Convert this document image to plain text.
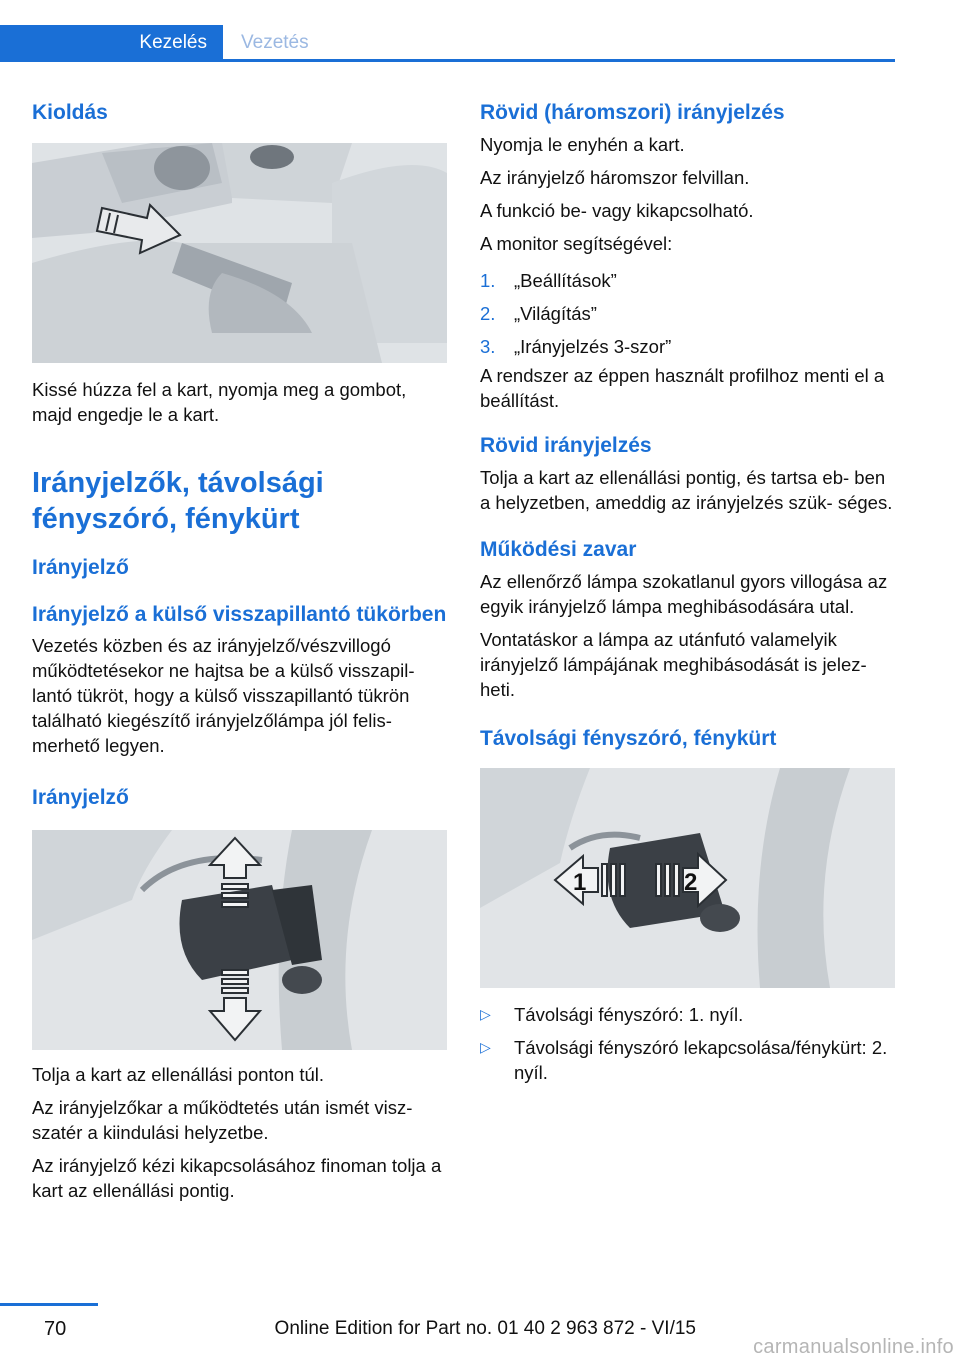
Kezelés Vezetés
Kioldás

Kissé húzza fel a kart, nyomja meg a gombot, majd engedje le a kart.

Irányjelzők, távolsági fényszóró, fénykürt
Irányjelző
Irányjelző a külső visszapillantó tükörben

Vezetés közben és az irányjelző/vészvillogó működtetésekor ne hajtsa be a külső visszapil‐ lantó tükröt, hogy a külső visszapillantó tükrön található kiegészítő irányjelzőlámpa jól felis‐ merhető legyen.

Irányjelző

Tolja a kart az ellenállási ponton túl.

Az irányjelzőkar a működtetés után ismét visz‐ szatér a kiindulási helyzetbe.

Az irányjelző kézi kikapcsolásához finoman tolja a kart az ellenállási pontig.

Rövid (háromszori) irányjelzés

Nyomja le enyhén a kart.

Az irányjelző háromszor felvillan.

A funkció be- vagy kikapcsolható.

A monitor segítségével:

1.	„Beállítások”
2.	„Világítás”
3.	„Irányjelzés 3-szor”

A rendszer az éppen használt profilhoz menti el a beállítást.

Rövid irányjelzés

Tolja a kart az ellenállási pontig, és tartsa eb‐ ben a helyzetben, ameddig az irányjelzés szük‐ séges.

Működési zavar

Az ellenőrző lámpa szokatlanul gyors villogása az egyik irányjelző lámpa meghibásodására utal.

Vontatáskor a lámpa az utánfutó valamelyik irányjelző lámpájának meghibásodását is jelez‐ heti.

Távolsági fényszóró, fénykürt
1	2
▷	Távolsági fényszóró: 1. nyíl.
▷	Távolsági fényszóró lekapcsolása/fénykürt: 2. nyíl.
70	Online Edition for Part no. 01 40 2 963 872 - VI/15
carmanualsonline.info
